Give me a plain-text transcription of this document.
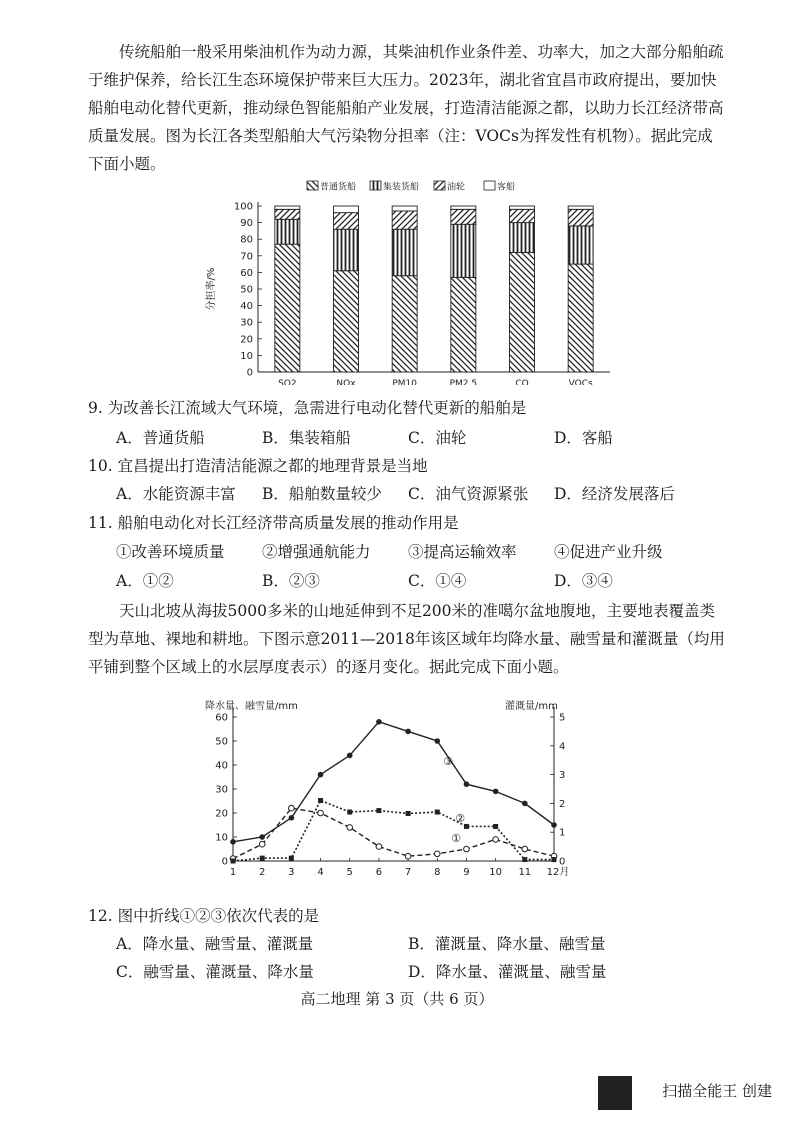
传统船舶一般采用柴油机作为动力源，其柴油机作业条件差、功率大，加之大部分船舶疏于维护保养，给长江生态环境保护带来巨大压力。2023年，湖北省宜昌市政府提出，要加快船舶电动化替代更新，推动绿色智能船舶产业发展，打造清洁能源之都，以助力长江经济带高质量发展。图为长江各类型船舶大气污染物分担率（注：VOCs为挥发性有机物）。据此完成下面小题。

普通货船	集装货船	油轮	客船
0
10
20
30
40
50
60
70
80
90
100
分担率/%
SO2	NOx	PM10	PM2.5	CO	VOCs
9. 为改善长江流域大气环境，急需进行电动化替代更新的船舶是
A．普通货船	B．集装箱船	C．油轮	D．客船
10. 宜昌提出打造清洁能源之都的地理背景是当地
A．水能资源丰富 B．船舶数量较少 C．油气资源紧张 D．经济发展落后
11. 船舶电动化对长江经济带高质量发展的推动作用是
①改善环境质量 ②增强通航能力 ③提高运输效率 ④促进产业升级
A．①②	B．②③	C．①④	D．③④

天山北坡从海拔5000多米的山地延伸到不足200米的准噶尔盆地腹地，主要地表覆盖类型为草地、裸地和耕地。下图示意2011—2018年该区域年均降水量、融雪量和灌溉量（均用平铺到整个区域上的水层厚度表示）的逐月变化。据此完成下面小题。

0
10
20
30
40
50
60
0
1
2
3
4
5
1 2 3 4 5 6 7 8 9 10 11 12月
降水量、融雪量/mm	灌溉量/mm
①
②
③
12. 图中折线①②③依次代表的是
A．降水量、融雪量、灌溉量	B．灌溉量、降水量、融雪量
C．融雪量、灌溉量、降水量	D．降水量、灌溉量、融雪量
高二地理 第 3 页（共 6 页）
扫描全能王 创建
